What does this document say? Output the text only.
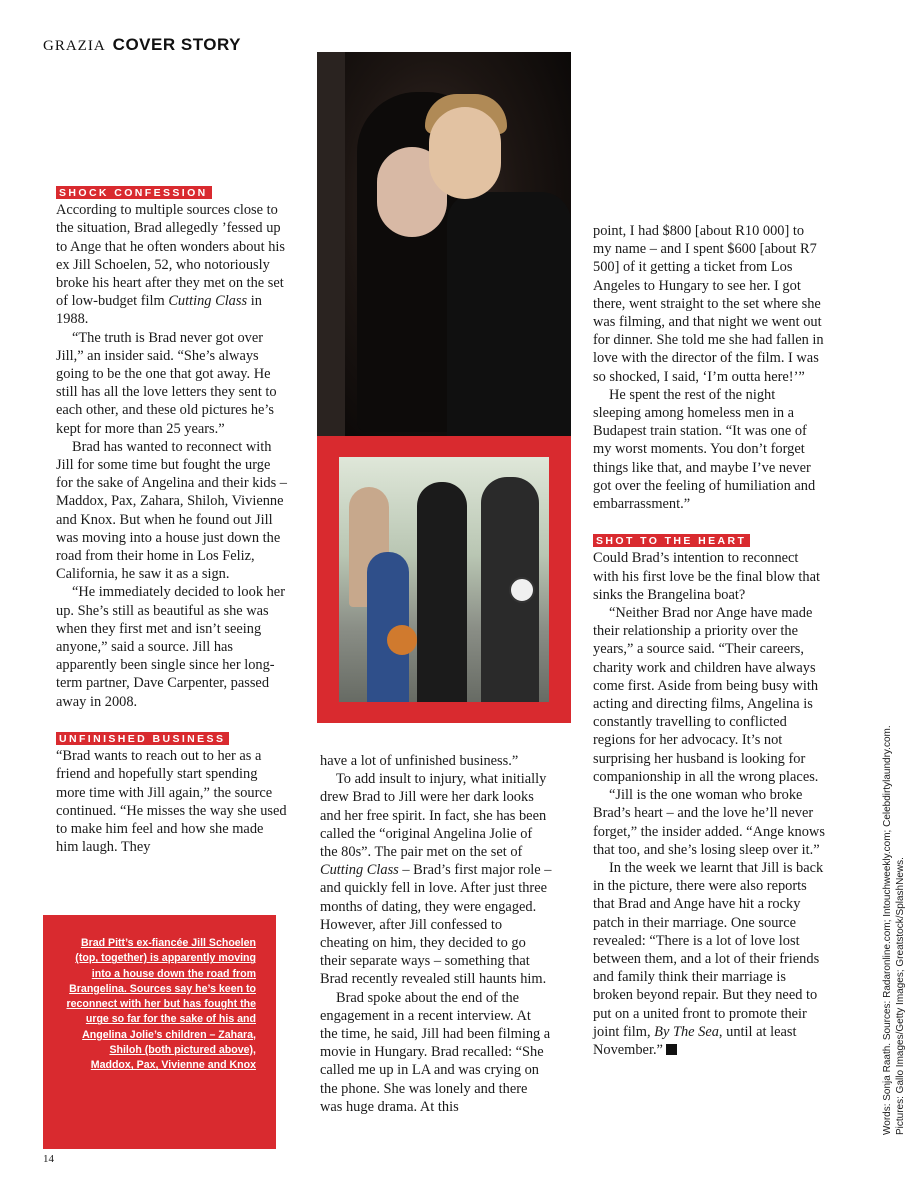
GRAZIA COVER STORY
SHOCK CONFESSION

According to multiple sources close to the situation, Brad allegedly ’fessed up to Ange that he often wonders about his ex Jill Schoelen, 52, who notoriously broke his heart after they met on the set of low-budget film Cutting Class in 1988.

“The truth is Brad never got over Jill,” an insider said. “She’s always going to be the one that got away. He still has all the love letters they sent to each other, and these old pictures he’s kept for more than 25 years.”

Brad has wanted to reconnect with Jill for some time but fought the urge for the sake of Angelina and their kids – Maddox, Pax, Zahara, Shiloh, Vivienne and Knox. But when he found out Jill was moving into a house just down the road from their home in Los Feliz, California, he saw it as a sign.

“He immediately decided to look her up. She’s still as beautiful as she was when they first met and isn’t seeing anyone,” said a source. Jill has apparently been single since her long-term partner, Dave Carpenter, passed away in 2008.

UNFINISHED BUSINESS

“Brad wants to reach out to her as a friend and hopefully start spending more time with Jill again,” the source continued. “He misses the way she used to make him feel and how she made him laugh. They

have a lot of unfinished business.”

To add insult to injury, what initially drew Brad to Jill were her dark looks and her free spirit. In fact, she has been called the “original Angelina Jolie of the 80s”. The pair met on the set of Cutting Class – Brad’s first major role – and quickly fell in love. After just three months of dating, they were engaged. However, after Jill confessed to cheating on him, they decided to go their separate ways – something that Brad recently revealed still haunts him.

Brad spoke about the end of the engagement in a recent interview. At the time, he said, Jill had been filming a movie in Hungary. Brad recalled: “She called me up in LA and was crying on the phone. She was lonely and there was huge drama. At this

point, I had $800 [about R10 000] to my name – and I spent $600 [about R7 500] of it getting a ticket from Los Angeles to Hungary to see her. I got there, went straight to the set where she was filming, and that night we went out for dinner. She told me she had fallen in love with the director of the film. I was so shocked, I said, ‘I’m outta here!’”

He spent the rest of the night sleeping among homeless men in a Budapest train station. “It was one of my worst moments. You don’t forget things like that, and maybe I’ve never got over the feeling of humiliation and embarrassment.”

SHOT TO THE HEART

Could Brad’s intention to reconnect with his first love be the final blow that sinks the Brangelina boat?

“Neither Brad nor Ange have made their relationship a priority over the years,” a source said. “Their careers, charity work and children have always come first. Aside from being busy with acting and directing films, Angelina is constantly travelling to conflicted regions for her advocacy. It’s not surprising her husband is looking for companionship in all the wrong places.

“Jill is the one woman who broke Brad’s heart – and the love he’ll never forget,” the insider added. “Ange knows that too, and she’s losing sleep over it.”

In the week we learnt that Jill is back in the picture, there were also reports that Brad and Ange have hit a rocky patch in their marriage. One source revealed: “There is a lot of love lost between them, and a lot of their friends and family think their marriage is broken beyond repair. But they need to put on a united front to promote their joint film, By The Sea, until at least November.”

Brad Pitt’s ex-fiancée Jill Schoelen (top, together) is apparently moving into a house down the road from Brangelina. Sources say he’s keen to reconnect with her but has fought the urge so far for the sake of his and Angelina Jolie’s children – Zahara, Shiloh (both pictured above), Maddox, Pax, Vivienne and Knox
14
Words: Sonja Raath. Sources: Radaronline.com; Intouchweekly.com; Celebdirtylaundry.com. Pictures: Gallo Images/Getty Images; Greatstock/SplashNews.
